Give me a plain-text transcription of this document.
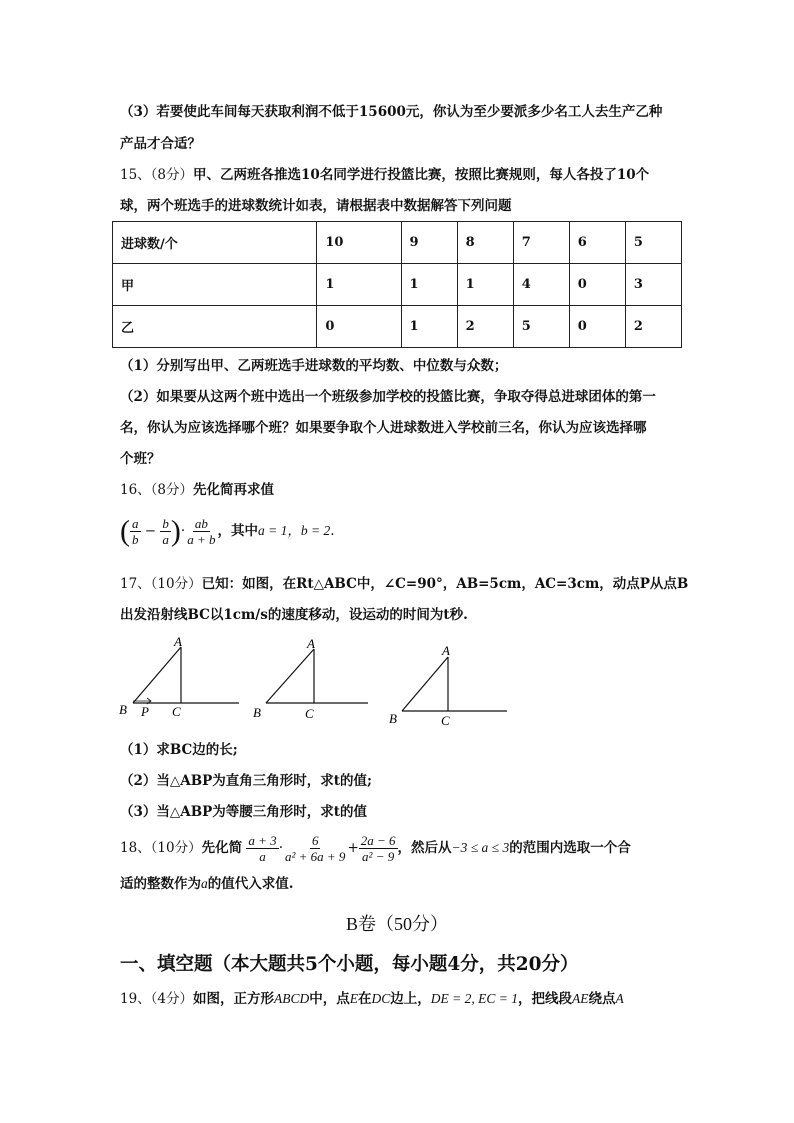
（3）若要使此车间每天获取利润不低于15600元，你认为至少要派多少名工人去生产乙种
产品才合适？
15、（8分）甲、乙两班各推选10名同学进行投篮比赛，按照比赛规则，每人各投了10个
球，两个班选手的进球数统计如表，请根据表中数据解答下列问题
进球数/个	10	9	8	7	6	5
甲	1	1	1	4	0	3
乙	0	1	2	5	0	2
（1）分别写出甲、乙两班选手进球数的平均数、中位数与众数；
（2）如果要从这两个班中选出一个班级参加学校的投篮比赛，争取夺得总进球团体的第一
名，你认为应该选择哪个班？如果要争取个人进球数进入学校前三名，你认为应该选择哪
个班？
16、（8分）先化简再求值
( $\frac{a}{b} - \frac{b}{a}$ )· $\frac{ab}{a + b}$ ，其中a = 1，b = 2.
17、（10分）已知：如图，在Rt△ABC中，∠C=90°，AB=5cm，AC=3cm，动点P从点B
出发沿射线BC以1cm/s的速度移动，设运动的时间为t秒.
A
B P C
A
B	C
A
B	C
（1）求BC边的长;
（2）当△ABP为直角三角形时，求t的值;
（3）当△ABP为等腰三角形时，求t的值
18、（10分）先化简 $\frac{a + 3}{a} \cdot \frac{6}{\text{a² + 6a + 9}} + \frac{2a - 6}{\text{a² − 9}}$ ，然后从−3 ≤ a ≤ 3的范围内选取一个合
适的整数作为a的值代入求值.
B卷（50分）
一、填空题（本大题共5个小题，每小题4分，共20分）
19、（4分）如图，正方形ABCD中，点E在DC边上，DE = 2, EC = 1，把线段AE绕点A
